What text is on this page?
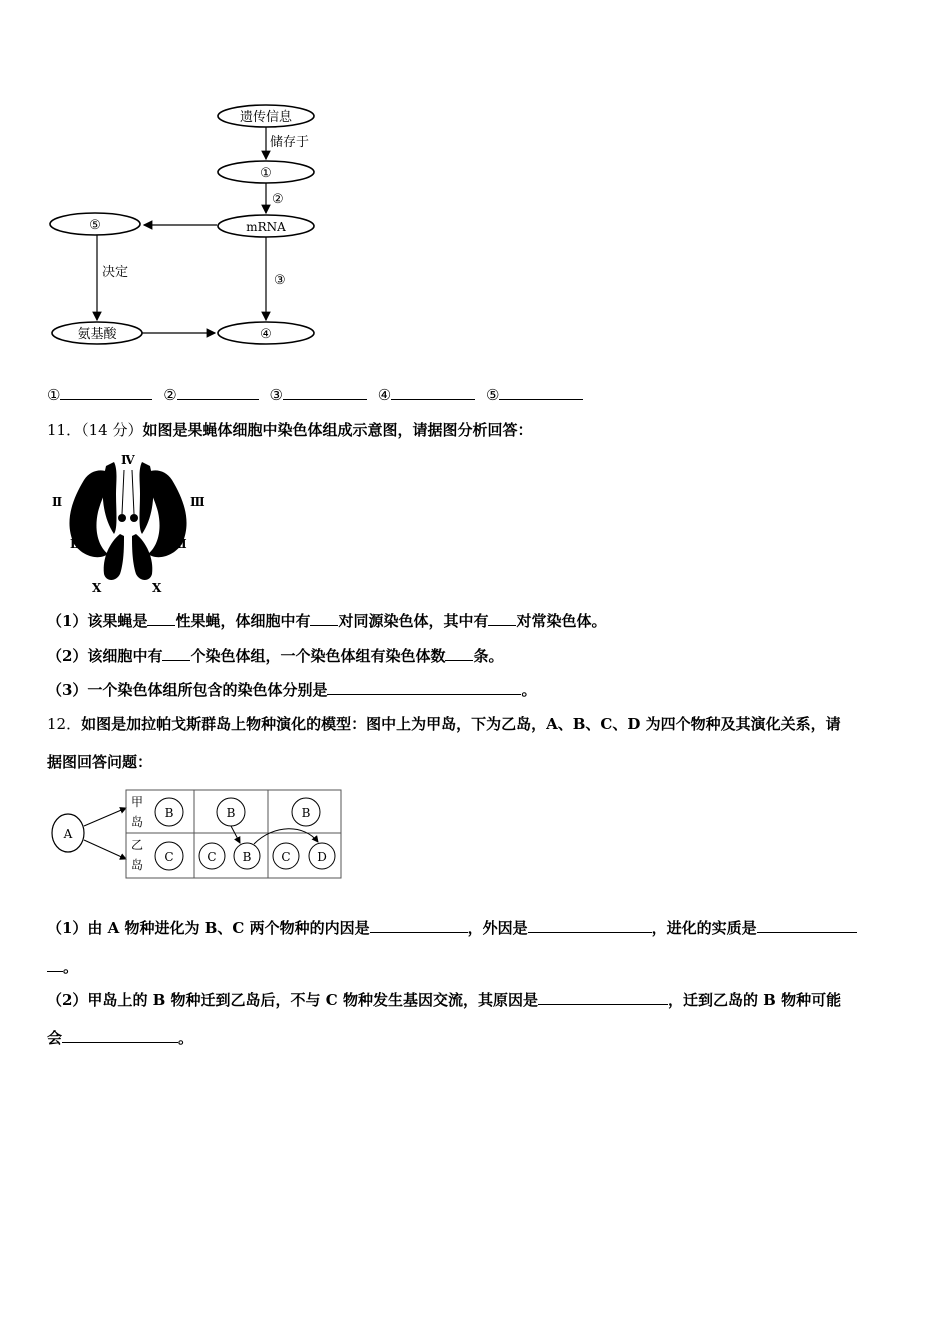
遗传信息
①
mRNA
⑤
氨基酸	④
储存于
②
决定
③
①	②	③	④	⑤
11．（14 分）如图是果蝇体细胞中染色体组成示意图，请据图分析回答：
Ⅳ
Ⅱ	Ⅲ
Ⅱ	Ⅲ
X	X
（1）该果蝇是 性果蝇，体细胞中有 对同源染色体，其中有 对常染色体。
（2）该细胞中有 个染色体组，一个染色体组有染色体数 条。
（3）一个染色体组所包含的染色体分别是	。
12．如图是加拉帕戈斯群岛上物种演化的模型：图中上为甲岛，下为乙岛，A、B、C、D 为四个物种及其演化关系，请
据图回答问题：
A
甲
岛
乙
岛
B	B	B
C	C B C D
（1）由 A 物种进化为 B、C 两个物种的内因是	，外因是	，进化的实质是
。
（2）甲岛上的 B 物种迁到乙岛后，不与 C 物种发生基因交流，其原因是	，迁到乙岛的 B 物种可能
会	。
